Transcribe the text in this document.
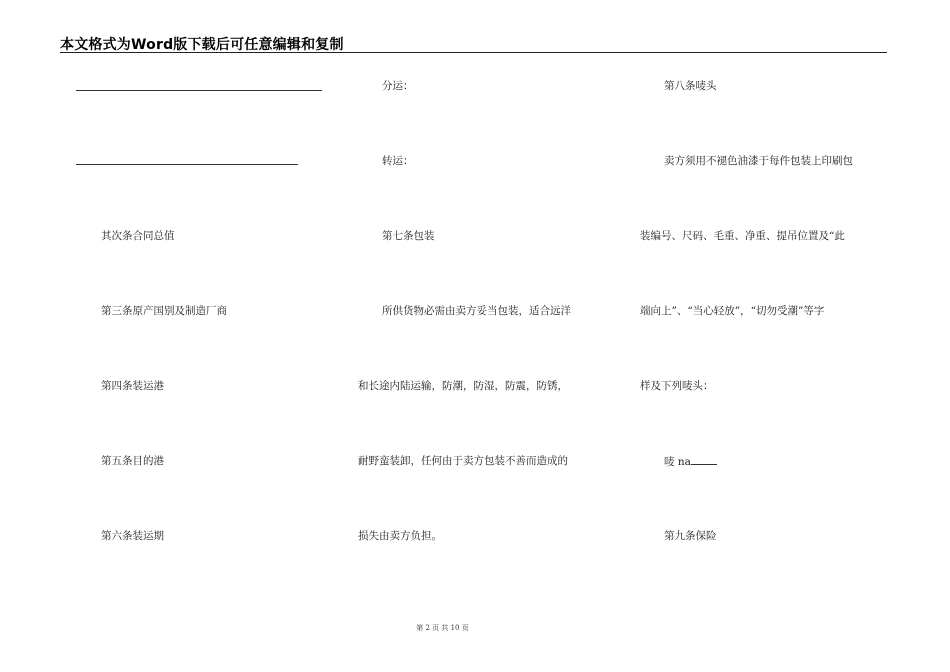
本文格式为Word版下载后可任意编辑和复制
其次条合同总值
第三条原产国别及制造厂商
第四条装运港
第五条目的港
第六条装运期
分运：
转运：
第七条包装
所供货物必需由卖方妥当包装，适合远洋
和长途内陆运输，防潮，防湿，防震，防锈，
耐野蛮装卸，任何由于卖方包装不善而造成的
损失由卖方负担。
第八条唛头
卖方须用不褪色油漆于每件包装上印刷包
装编号、尺码、毛重、净重、提吊位置及“此
端向上”、“当心轻放”，“切勿受潮”等字
样及下列唛头：
唛 na
第九条保险
第 2 页 共 10 页
